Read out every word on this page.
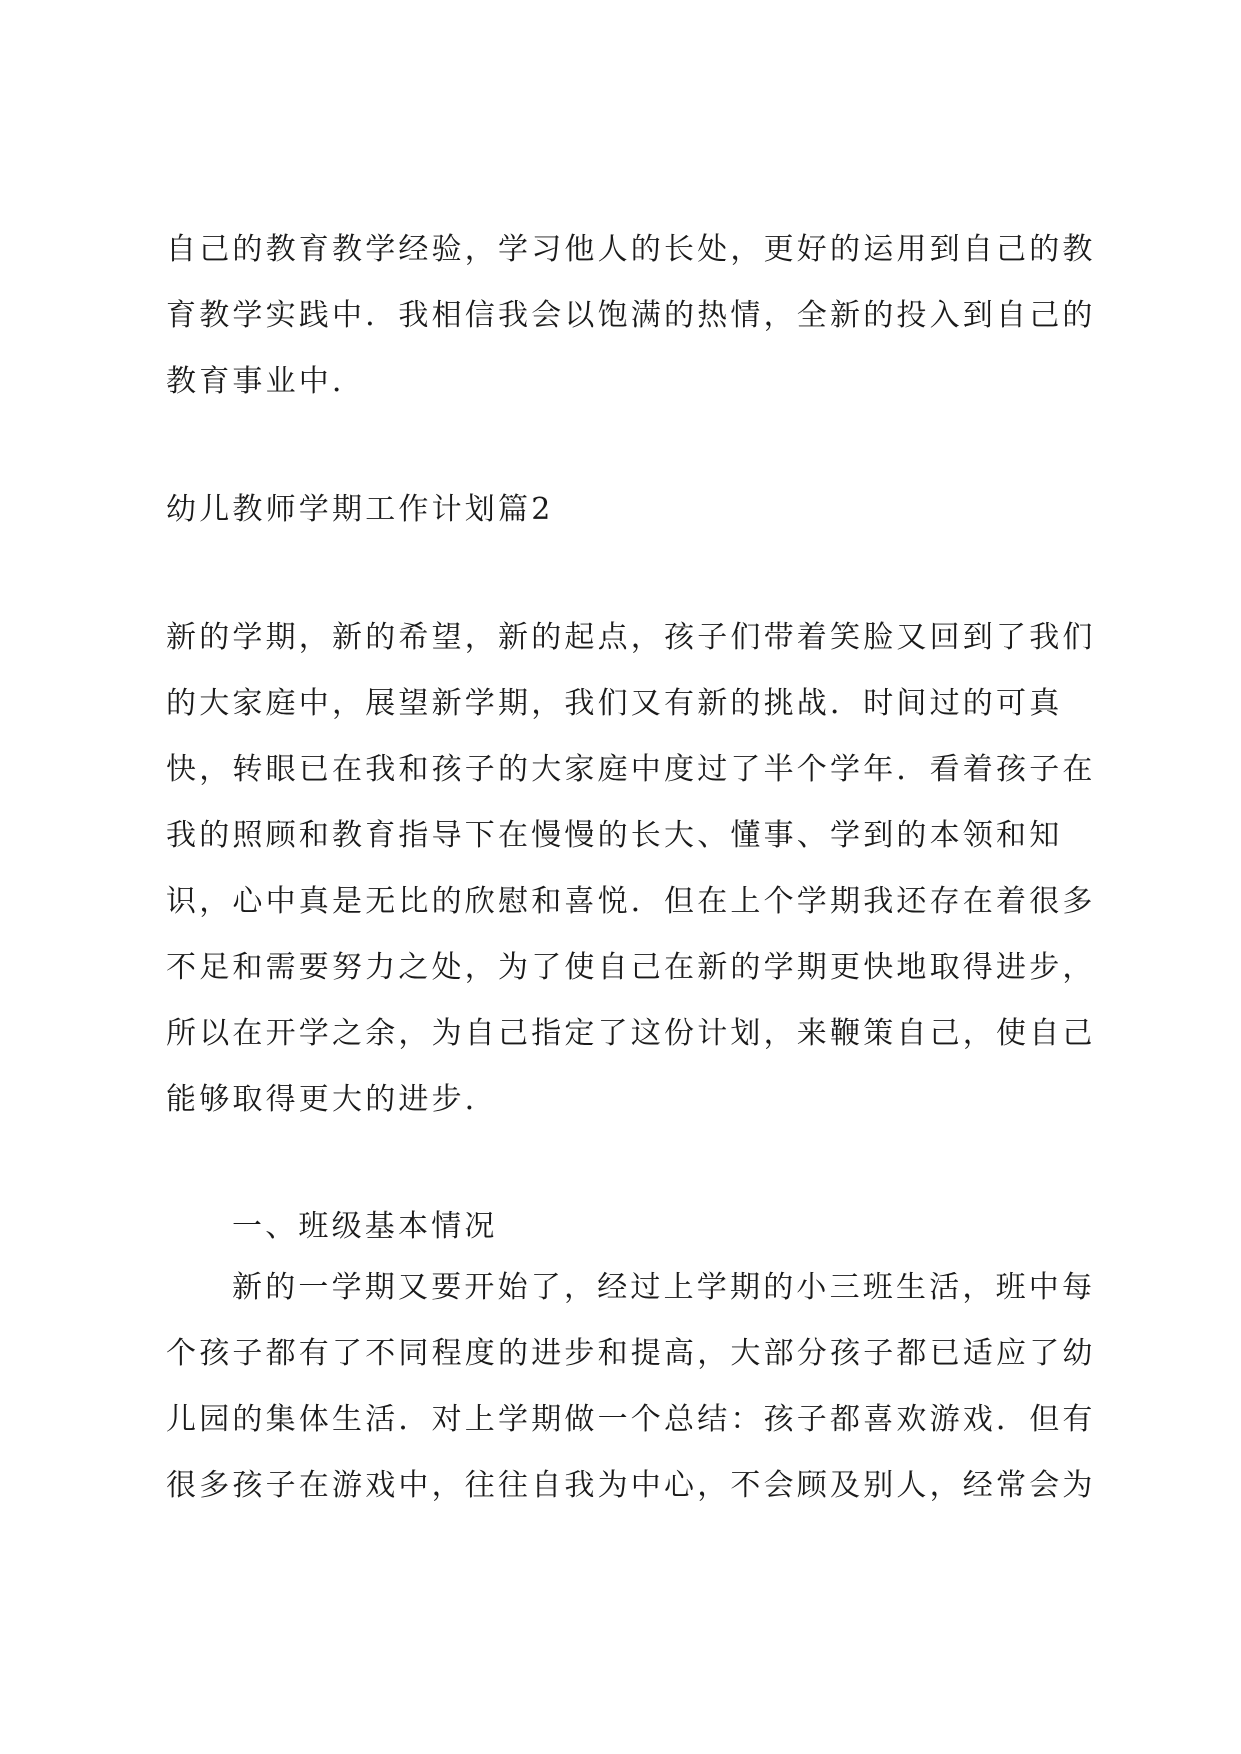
自己的教育教学经验，学习他人的长处，更好的运用到自己的教
育教学实践中．我相信我会以饱满的热情，全新的投入到自己的
教育事业中．
幼儿教师学期工作计划篇2
新的学期，新的希望，新的起点，孩子们带着笑脸又回到了我们
的大家庭中，展望新学期，我们又有新的挑战．时间过的可真
快，转眼已在我和孩子的大家庭中度过了半个学年．看着孩子在
我的照顾和教育指导下在慢慢的长大、懂事、学到的本领和知
识，心中真是无比的欣慰和喜悦．但在上个学期我还存在着很多
不足和需要努力之处，为了使自己在新的学期更快地取得进步，
所以在开学之余，为自己指定了这份计划，来鞭策自己，使自己
能够取得更大的进步．
一、班级基本情况
新的一学期又要开始了，经过上学期的小三班生活，班中每
个孩子都有了不同程度的进步和提高，大部分孩子都已适应了幼
儿园的集体生活．对上学期做一个总结：孩子都喜欢游戏．但有
很多孩子在游戏中，往往自我为中心，不会顾及别人，经常会为
